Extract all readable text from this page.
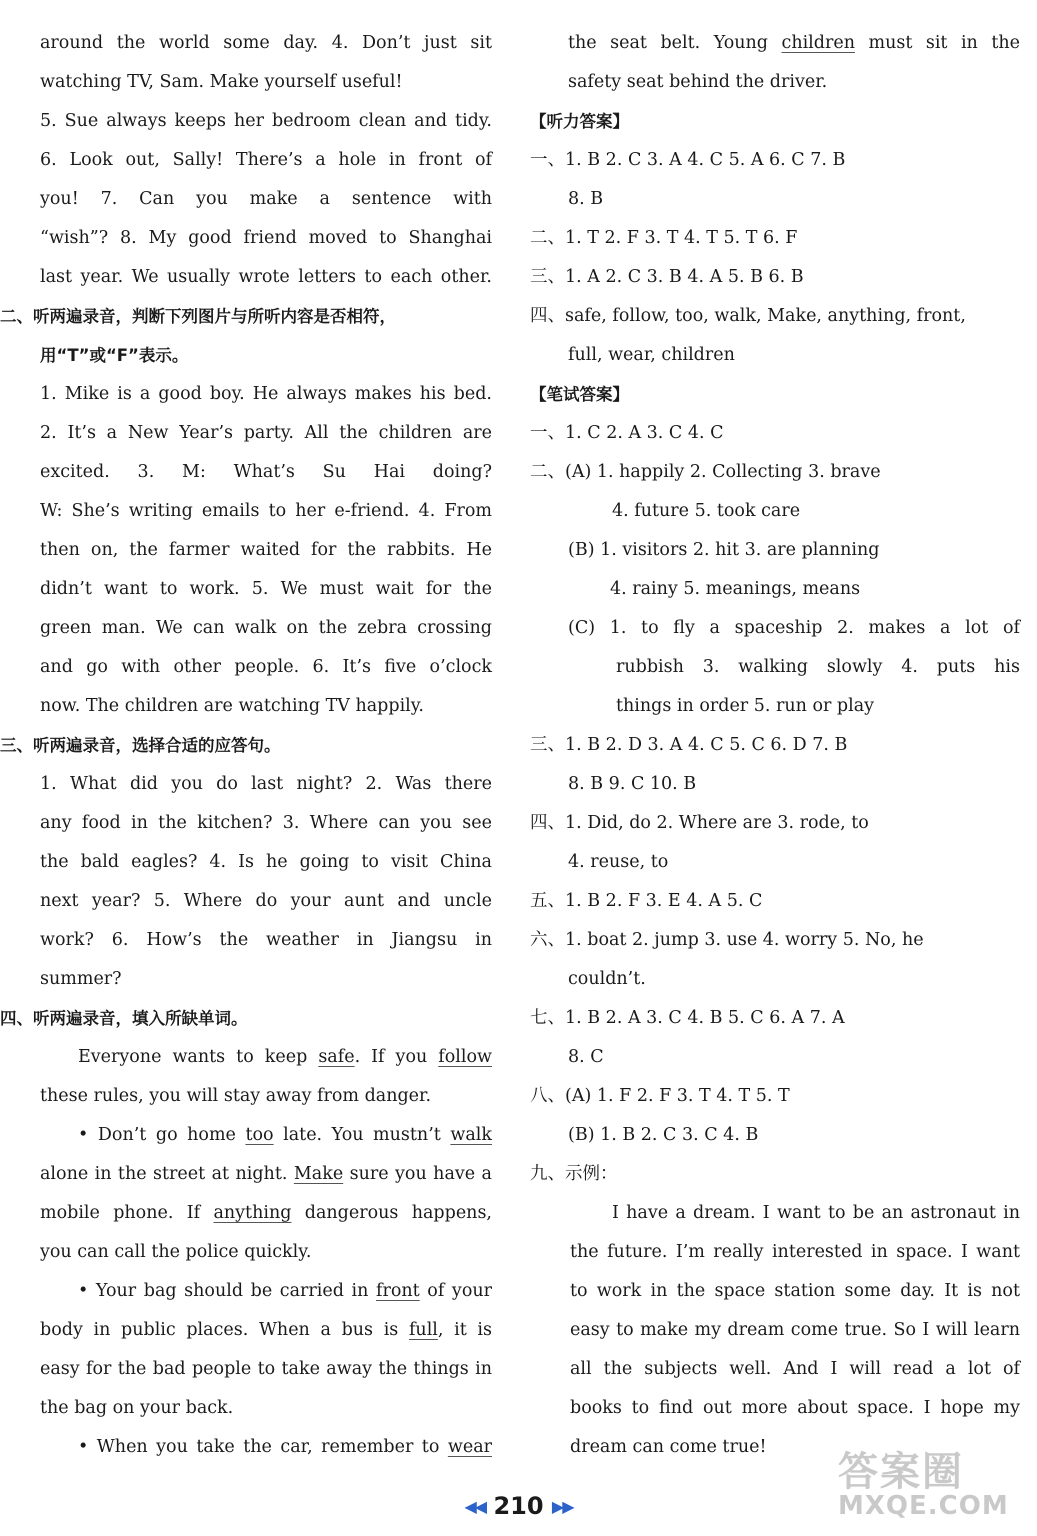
around the world some day. 4. Don’t just sit
watching TV, Sam. Make yourself useful!
5. Sue always keeps her bedroom clean and tidy.
6. Look out, Sally! There’s a hole in front of
you! 7. Can you make a sentence with
“wish”? 8. My good friend moved to Shanghai
last year. We usually wrote letters to each other.
二、听两遍录音，判断下列图片与所听内容是否相符，
用“T”或“F”表示。
1. Mike is a good boy. He always makes his bed.
2. It’s a New Year’s party. All the children are
excited. 3. M: What’s Su Hai doing?
W: She’s writing emails to her e-friend. 4. From
then on, the farmer waited for the rabbits. He
didn’t want to work. 5. We must wait for the
green man. We can walk on the zebra crossing
and go with other people. 6. It’s five o’clock
now. The children are watching TV happily.
三、听两遍录音，选择合适的应答句。
1. What did you do last night? 2. Was there
any food in the kitchen? 3. Where can you see
the bald eagles? 4. Is he going to visit China
next year? 5. Where do your aunt and uncle
work? 6. How’s the weather in Jiangsu in
summer?
四、听两遍录音，填入所缺单词。
Everyone wants to keep safe. If you follow
these rules, you will stay away from danger.
• Don’t go home too late. You mustn’t walk
alone in the street at night. Make sure you have a
mobile phone. If anything dangerous happens,
you can call the police quickly.
• Your bag should be carried in front of your
body in public places. When a bus is full, it is
easy for the bad people to take away the things in
the bag on your back.
• When you take the car, remember to wear
the seat belt. Young children must sit in the
safety seat behind the driver.
【听力答案】
一、1. B 2. C 3. A 4. C 5. A 6. C 7. B
8. B
二、1. T 2. F 3. T 4. T 5. T 6. F
三、1. A 2. C 3. B 4. A 5. B 6. B
四、safe, follow, too, walk, Make, anything, front,
full, wear, children
【笔试答案】
一、1. C 2. A 3. C 4. C
二、(A) 1. happily 2. Collecting 3. brave
4. future 5. took care
(B) 1. visitors 2. hit 3. are planning
4. rainy 5. meanings, means
(C) 1. to fly a spaceship 2. makes a lot of
rubbish 3. walking slowly 4. puts his
things in order 5. run or play
三、1. B 2. D 3. A 4. C 5. C 6. D 7. B
8. B 9. C 10. B
四、1. Did, do 2. Where are 3. rode, to
4. reuse, to
五、1. B 2. F 3. E 4. A 5. C
六、1. boat 2. jump 3. use 4. worry 5. No, he
couldn’t.
七、1. B 2. A 3. C 4. B 5. C 6. A 7. A
8. C
八、(A) 1. F 2. F 3. T 4. T 5. T
(B) 1. B 2. C 3. C 4. B
九、示例：
I have a dream. I want to be an astronaut in
the future. I’m really interested in space. I want
to work in the space station some day. It is not
easy to make my dream come true. So I will learn
all the subjects well. And I will read a lot of
books to find out more about space. I hope my
dream can come true!
◀◀ 210 ▶▶
答案圈
MXQE.COM
